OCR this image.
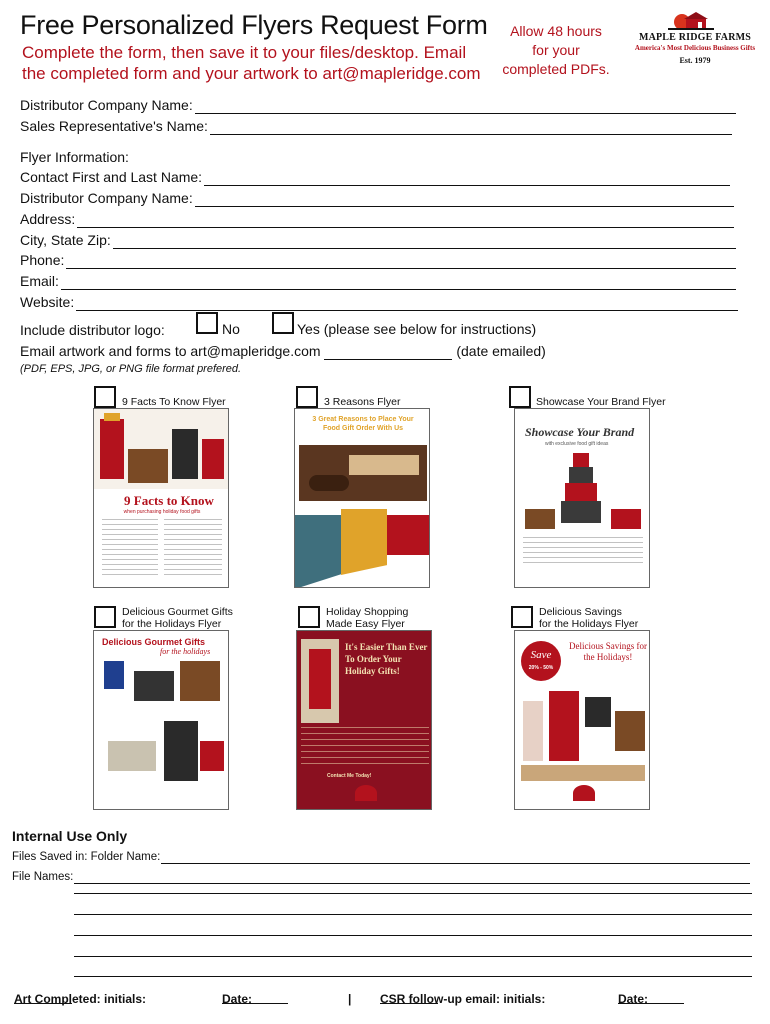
Free Personalized Flyers Request Form
Complete the form, then save it to your files/desktop. Email the completed form and your artwork to art@mapleridge.com
Allow 48 hours for your completed PDFs.
MAPLE RIDGE FARMS
America's Most Delicious Business Gifts
Est. 1979
Distributor Company Name:
Sales Representative's Name:
Flyer Information:
Contact First and Last Name:
Distributor Company Name:
Address:
City, State Zip:
Phone:
Email:
Website:
Include distributor logo:	No	Yes (please see below for instructions)
Email artwork and forms to art@mapleridge.com	(date emailed)
(PDF, EPS, JPG, or PNG file format prefered.
9 Facts To Know Flyer	3 Reasons Flyer	Showcase Your Brand Flyer
9 Facts to Know
when purchasing holiday food gifts
3 Great Reasons to Place Your Food Gift Order With Us	Showcase Your Brand
with exclusive food gift ideas
Delicious Gourmet Gifts
for the Holidays Flyer
Holiday Shopping
Made Easy Flyer
Delicious Savings
for the Holidays Flyer
Delicious Gourmet Gifts
for the holidays	It's Easier Than Ever To Order Your Holiday Gifts!
Contact Me Today!
Save
20% - 50%
Delicious Savings for the Holidays!
Internal Use Only
Files Saved in: Folder Name:
File Names:
Art Completed: initials:	Date:	| CSR follow-up email: initials:	Date:
